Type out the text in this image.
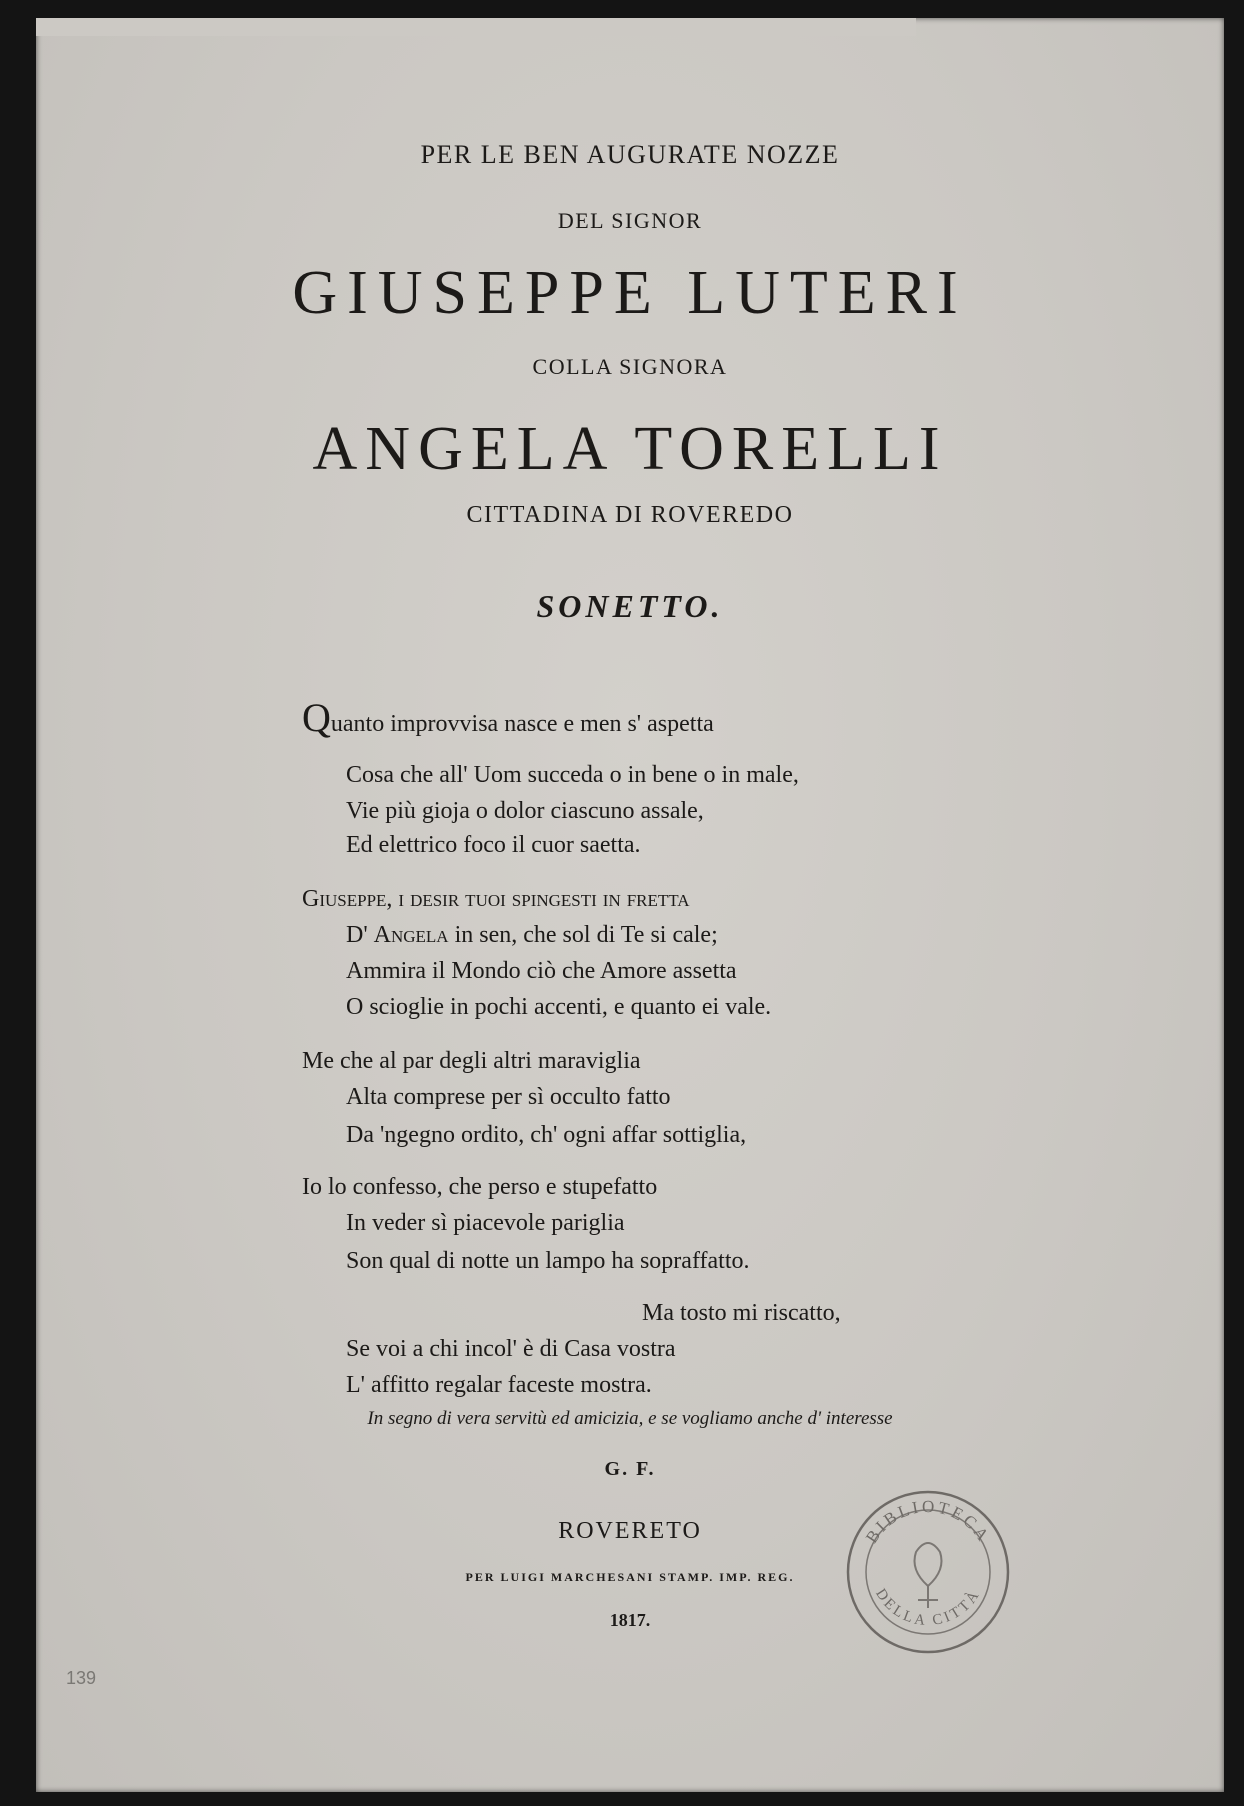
PER LE BEN AUGURATE NOZZE
DEL SIGNOR
GIUSEPPE LUTERI
COLLA SIGNORA
ANGELA TORELLI
CITTADINA DI ROVEREDO
SONETTO.
Quanto improvvisa nasce e men s' aspetta
Cosa che all' Uom succeda o in bene o in male,
Vie più gioja o dolor ciascuno assale,
Ed elettrico foco il cuor saetta.
Giuseppe, i desir tuoi spingesti in fretta
D' Angela in sen, che sol di Te si cale;
Ammira il Mondo ciò che Amore assetta
O scioglie in pochi accenti, e quanto ei vale.
Me che al par degli altri maraviglia
Alta comprese per sì occulto fatto
Da 'ngegno ordito, ch' ogni affar sottiglia,
Io lo confesso, che perso e stupefatto
In veder sì piacevole pariglia
Son qual di notte un lampo ha sopraffatto.
Ma tosto mi riscatto,
Se voi a chi incol' è di Casa vostra
L' affitto regalar faceste mostra.
In segno di vera servitù ed amicizia, e se vogliamo anche d' interesse
G. F.
ROVERETO
PER LUIGI MARCHESANI STAMP. IMP. REG.
1817.
BIBLIOTECA
DELLA CITTÀ
139
